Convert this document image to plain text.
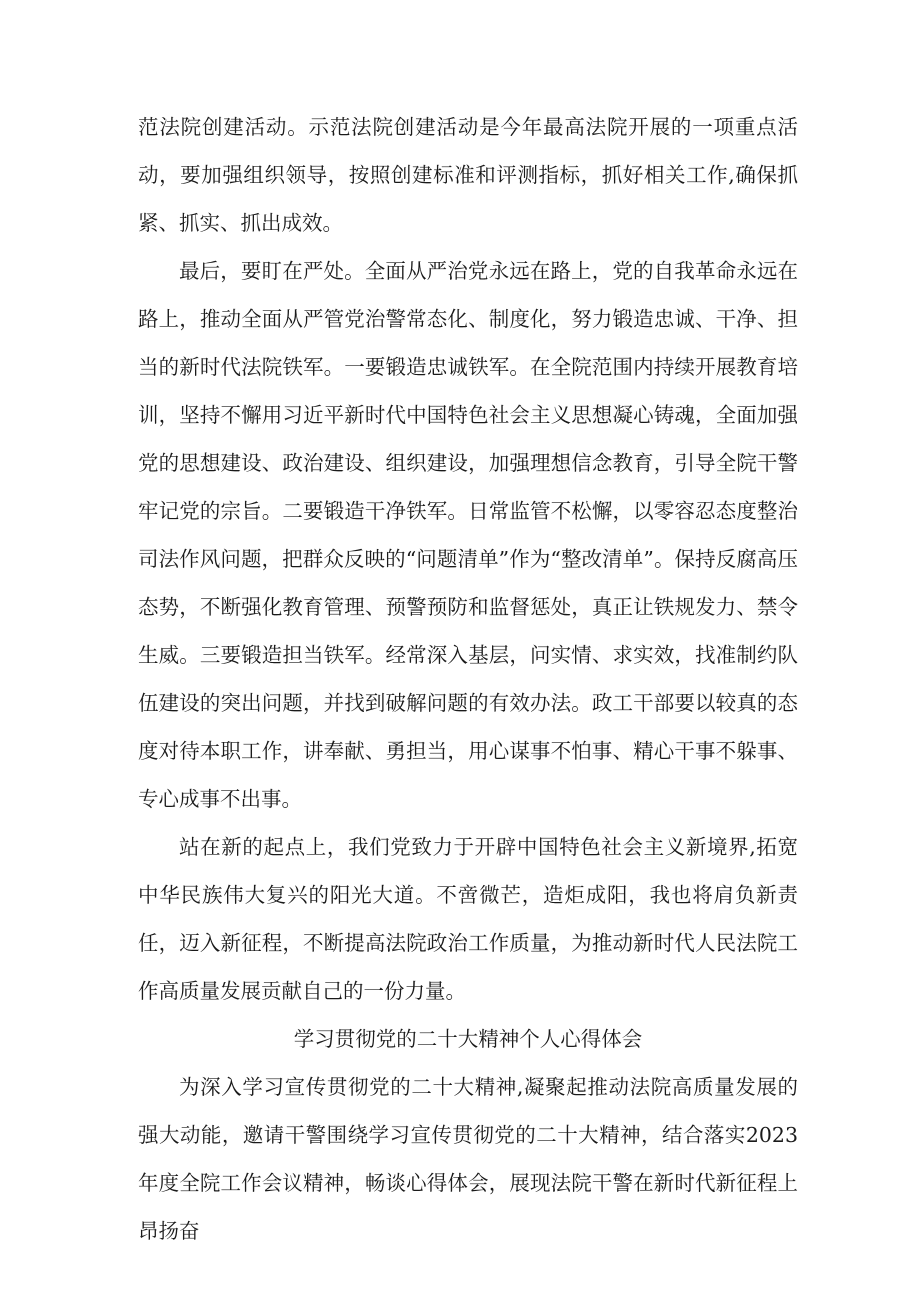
范法院创建活动。示范法院创建活动是今年最高法院开展的一项重点活动，要加强组织领导，按照创建标准和评测指标，抓好相关工作,确保抓紧、抓实、抓出成效。

最后，要盯在严处。全面从严治党永远在路上，党的自我革命永远在路上，推动全面从严管党治警常态化、制度化，努力锻造忠诚、干净、担当的新时代法院铁军。一要锻造忠诚铁军。在全院范围内持续开展教育培训，坚持不懈用习近平新时代中国特色社会主义思想凝心铸魂，全面加强党的思想建设、政治建设、组织建设，加强理想信念教育，引导全院干警牢记党的宗旨。二要锻造干净铁军。日常监管不松懈，以零容忍态度整治司法作风问题，把群众反映的“问题清单”作为“整改清单”。保持反腐高压态势，不断强化教育管理、预警预防和监督惩处，真正让铁规发力、禁令生威。三要锻造担当铁军。经常深入基层，问实情、求实效，找准制约队伍建设的突出问题，并找到破解问题的有效办法。政工干部要以较真的态度对待本职工作，讲奉献、勇担当，用心谋事不怕事、精心干事不躲事、专心成事不出事。

站在新的起点上，我们党致力于开辟中国特色社会主义新境界,拓宽中华民族伟大复兴的阳光大道。不啻微芒，造炬成阳，我也将肩负新责任，迈入新征程，不断提高法院政治工作质量，为推动新时代人民法院工作高质量发展贡献自己的一份力量。

学习贯彻党的二十大精神个人心得体会

为深入学习宣传贯彻党的二十大精神,凝聚起推动法院高质量发展的强大动能，邀请干警围绕学习宣传贯彻党的二十大精神，结合落实2023年度全院工作会议精神，畅谈心得体会，展现法院干警在新时代新征程上昂扬奋
